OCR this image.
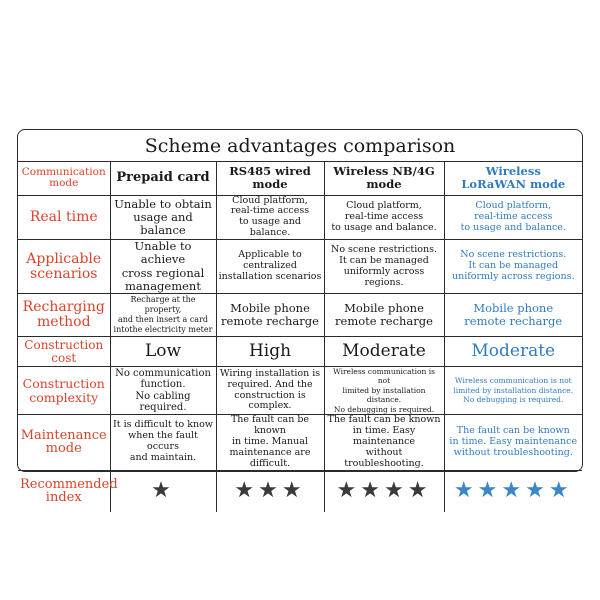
Scheme advantages comparison
Communication
mode	Prepaid card	RS485 wired mode	Wireless NB/4G
mode	Wireless
LoRaWAN mode
Real time	Unable to obtain
usage and balance	Cloud platform,
real-time access
to usage and balance.	Cloud platform,
real-time access
to usage and balance.	Cloud platform,
real-time access
to usage and balance.
Applicable
scenarios	Unable to achieve
cross regional
management	Applicable to centralized
installation scenarios	No scene restrictions.
It can be managed
uniformly across regions.	No scene restrictions.
It can be managed
uniformly across regions.
Recharging
method	Recharge at the property,
and then insert a card
intothe electricity meter	Mobile phone
remote recharge	Mobile phone
remote recharge	Mobile phone
remote recharge
Construction
cost	Low	High	Moderate	Moderate
Construction
complexity	No communication
function.
No cabling required.	Wiring installation is
required. And the
construction is complex.	Wireless communication is not
limited by installation distance.
No debugging is required.	Wireless communication is not
limited by installation distance.
No debugging is required.
Maintenance
mode	It is difficult to know
when the fault occurs
and maintain.	The fault can be known
in time. Manual
maintenance are difficult.	The fault can be known
in time. Easy maintenance
without troubleshooting.	The fault can be known
in time. Easy maintenance
without troubleshooting.
Recommended
index	★	★★★	★★★★	★★★★★
